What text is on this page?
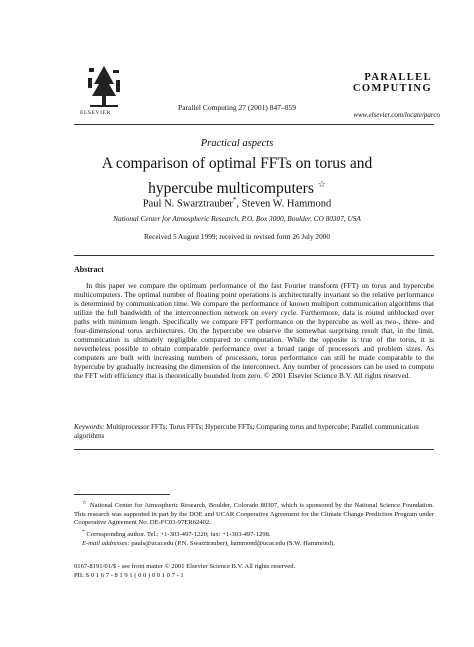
ELSEVIER
PARALLEL
COMPUTING
Parallel Computing 27 (2001) 847–859
www.elsevier.com/locate/parco
Practical aspects
A comparison of optimal FFTs on torus and
hypercube multicomputers ☆
Paul N. Swarztrauber*, Steven W. Hammond
National Center for Atmospheric Research, P.O. Box 3000, Boulder, CO 80307, USA
Received 5 August 1999; received in revised form 26 July 2000
Abstract
In this paper we compare the optimum performance of the fast Fourier transform (FFT) on torus and hypercube multicomputers. The optimal number of floating point operations is architecturally invariant so the relative performance is determined by communication time. We compare the performance of known multiport communication algorithms that utilize the full bandwidth of the interconnection network on every cycle. Furthermore, data is routed unblocked over paths with minimum length. Specifically we compare FFT performance on the hypercube as well as two-, three- and four-dimensional torus architectures. On the hypercube we observe the somewhat surprising result that, in the limit, communication is ultimately negligible compared to computation. While the opposite is true of the torus, it is nevertheless possible to obtain comparable performance over a broad range of processors and problem sizes. As computers are built with increasing numbers of processors, torus performance can still be made comparable to the hypercube by gradually increasing the dimension of the interconnect. Any number of processors can be used to compute the FFT with efficiency that is theoretically bounded from zero. © 2001 Elsevier Science B.V. All rights reserved.
Keywords: Multiprocessor FFTs; Torus FFTs; Hypercube FFTs; Comparing torus and hypercube; Parallel communication algorithms

☆ National Center for Atmospheric Research, Boulder, Colorado 80307, which is sponsored by the National Science Foundation. This research was supported in part by the DOE and UCAR Cooperative Agreement for the Climate Change Prediction Program under Cooperative Agreement No. DE-FC03-97ER62402.

* Corresponding author. Tel.: +1-303-497-1220; fax: +1-303-497-1298.

E-mail addresses: pauls@ucar.edu (P.N. Swarztrauber), hammond@ucar.edu (S.W. Hammond).

0167-8191/01/$ - see front matter © 2001 Elsevier Science B.V. All rights reserved.

PII: S 0 1 6 7 - 8 1 9 1 ( 0 0 ) 0 0 1 0 7 - 1
